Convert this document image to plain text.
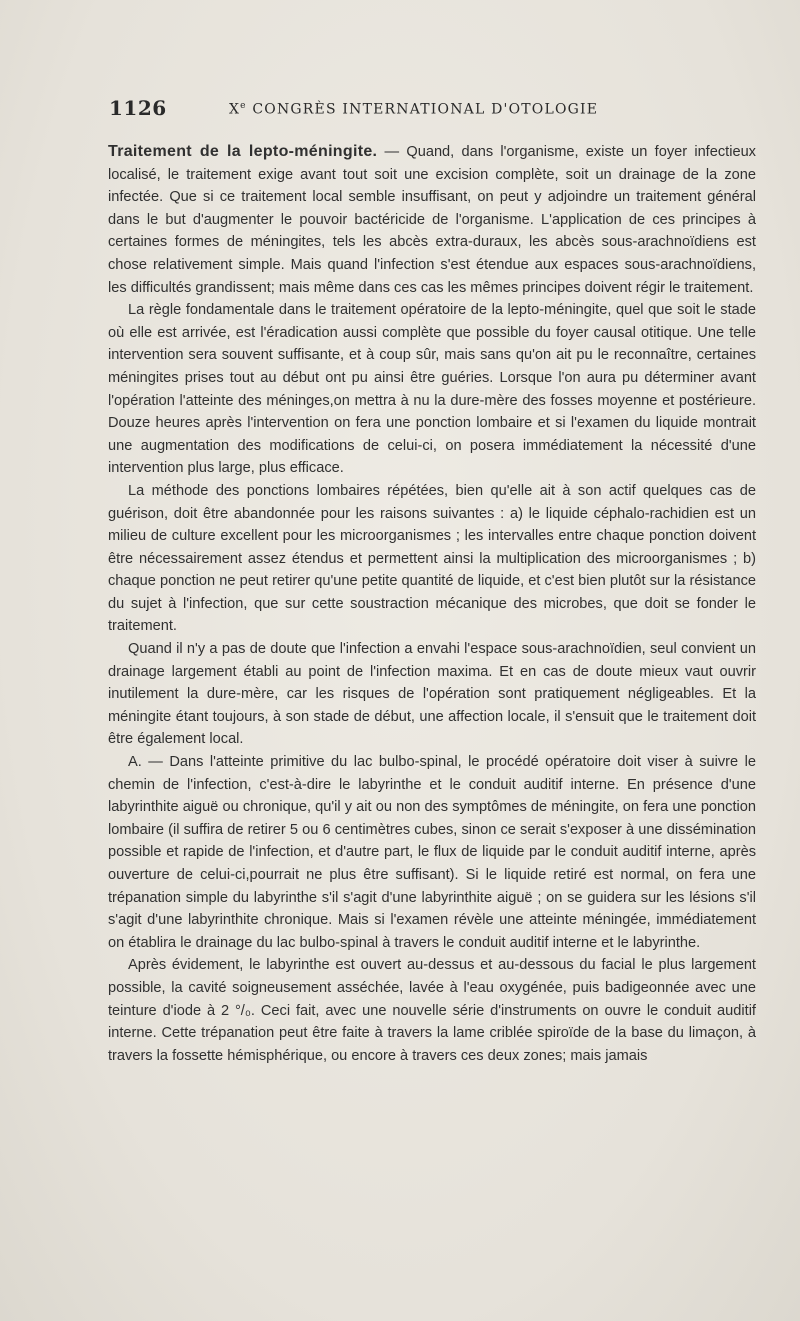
1126	Xe CONGRÈS INTERNATIONAL D'OTOLOGIE

Traitement de la lepto-méningite. — Quand, dans l'organisme, existe un foyer infectieux localisé, le traitement exige avant tout soit une excision complète, soit un drainage de la zone infectée. Que si ce traitement local semble insuffisant, on peut y adjoindre un traitement général dans le but d'augmenter le pouvoir bactéricide de l'organisme. L'application de ces principes à certaines formes de méningites, tels les abcès extra-duraux, les abcès sous-arachnoïdiens est chose relativement simple. Mais quand l'infection s'est étendue aux espaces sous-arachnoïdiens, les difficultés grandissent; mais même dans ces cas les mêmes principes doivent régir le traitement.

La règle fondamentale dans le traitement opératoire de la lepto-méningite, quel que soit le stade où elle est arrivée, est l'éradication aussi complète que possible du foyer causal otitique. Une telle intervention sera souvent suffisante, et à coup sûr, mais sans qu'on ait pu le reconnaître, certaines méningites prises tout au début ont pu ainsi être guéries. Lorsque l'on aura pu déterminer avant l'opération l'atteinte des méninges,on mettra à nu la dure-mère des fosses moyenne et postérieure. Douze heures après l'intervention on fera une ponction lombaire et si l'examen du liquide montrait une augmentation des modifications de celui-ci, on posera immédiatement la nécessité d'une intervention plus large, plus efficace.

La méthode des ponctions lombaires répétées, bien qu'elle ait à son actif quelques cas de guérison, doit être abandonnée pour les raisons suivantes : a) le liquide céphalo-rachidien est un milieu de culture excellent pour les microorganismes ; les intervalles entre chaque ponction doivent être nécessairement assez étendus et permettent ainsi la multiplication des microorganismes ; b) chaque ponction ne peut retirer qu'une petite quantité de liquide, et c'est bien plutôt sur la résistance du sujet à l'infection, que sur cette soustraction mécanique des microbes, que doit se fonder le traitement.

Quand il n'y a pas de doute que l'infection a envahi l'espace sous-arachnoïdien, seul convient un drainage largement établi au point de l'infection maxima. Et en cas de doute mieux vaut ouvrir inutilement la dure-mère, car les risques de l'opération sont pratiquement négligeables. Et la méningite étant toujours, à son stade de début, une affection locale, il s'ensuit que le traitement doit être également local.

A. — Dans l'atteinte primitive du lac bulbo-spinal, le procédé opératoire doit viser à suivre le chemin de l'infection, c'est-à-dire le labyrinthe et le conduit auditif interne. En présence d'une labyrinthite aiguë ou chronique, qu'il y ait ou non des symptômes de méningite, on fera une ponction lombaire (il suffira de retirer 5 ou 6 centimètres cubes, sinon ce serait s'exposer à une dissémination possible et rapide de l'infection, et d'autre part, le flux de liquide par le conduit auditif interne, après ouverture de celui-ci,pourrait ne plus être suffisant). Si le liquide retiré est normal, on fera une trépanation simple du labyrinthe s'il s'agit d'une labyrinthite aiguë ; on se guidera sur les lésions s'il s'agit d'une labyrinthite chronique. Mais si l'examen révèle une atteinte méningée, immédiatement on établira le drainage du lac bulbo-spinal à travers le conduit auditif interne et le labyrinthe.

Après évidement, le labyrinthe est ouvert au-dessus et au-dessous du facial le plus largement possible, la cavité soigneusement asséchée, lavée à l'eau oxygénée, puis badigeonnée avec une teinture d'iode à 2 °/₀. Ceci fait, avec une nouvelle série d'instruments on ouvre le conduit auditif interne. Cette trépanation peut être faite à travers la lame criblée spiroïde de la base du limaçon, à travers la fossette hémisphérique, ou encore à travers ces deux zones; mais jamais
